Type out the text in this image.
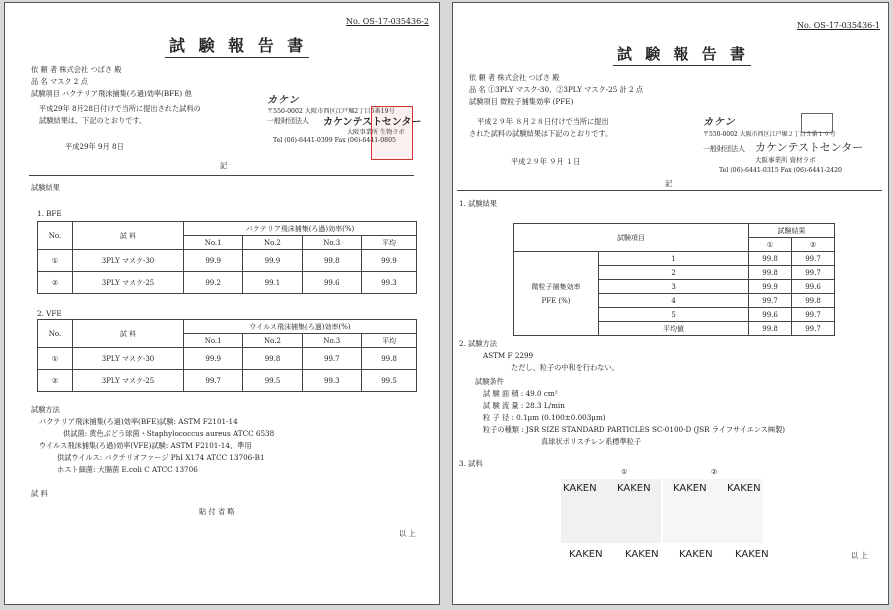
No. OS-17-035436-2
試 験 報 告 書
依 頼 者 株式会社 つばさ 殿
品 名 マスク 2 点
試験項目 バクテリア飛沫捕集(ろ過)効率(BFE) 他
平成29年 8月28日付けで当所に提出された試料の
試験結果は、下記のとおりです。
平成29年 9月 8日
カケン
〒550-0002 大阪市西区江戸堀2丁目5番19号
一般財団法人 カケンテストセンター
大阪事業所 生物ラボ
Tel (06)-6441-0399 Fax (06)-6441-0805
記
試験結果
1. BFE
No.	試 料	バクテリア飛沫捕集(ろ過)効率(%)			
		No.1	No.2	No.3	平均
①	3PLY マスク-30	99.9	99.9	99.8	99.9
②	3PLY マスク-25	99.2	99.1	99.6	99.3
2. VFE
No.	試 料	ウイルス飛沫捕集(ろ過)効率(%)			
		No.1	No.2	No.3	平均
①	3PLY マスク-30	99.9	99.8	99.7	99.8
②	3PLY マスク-25	99.7	99.5	99.3	99.5
試験方法
バクテリア飛沫捕集(ろ過)効率(BFE)試験: ASTM F2101-14
供試菌: 黄色ぶどう球菌・Staphylococcus aureus ATCC 6538
ウイルス飛沫捕集(ろ過)効率(VFE)試験: ASTM F2101-14、準用
供試ウイルス: バクテリオファージ PhI X174 ATCC 13706-B1
ホスト細菌: 大腸菌 E.coli C ATCC 13706
試 料
貼 付 省 略
以 上
No. OS-17-035436-1
試 験 報 告 書
依 頼 者 株式会社 つばさ 殿
品 名 ①3PLY マスク-30、②3PLY マスク-25 計 2 点
試験項目 微粒子捕集効率 (PFE)
平成２９年 ８月２８日付けで当所に提出
された試料の試験結果は下記のとおりです。
平成２９年 ９月 １日
カケン
〒550-0002 大阪市西区江戸堀２丁目５番１９号
一般財団法人 カケンテストセンター
大阪事業所 資材ラボ
Tel (06)-6441-0315 Fax (06)-6441-2420
記
1. 試験結果
試験項目		試験結果	
		①	②
微粒子捕集効率
PFE (%)	1	99.8	99.7
	2	99.8	99.7
	3	99.9	99.6
	4	99.7	99.8
	5	99.6	99.7
	平均値	99.8	99.7
2. 試験方法
ASTM F 2299
ただし、粒子の中和を行わない。
試験条件
試 験 面 積 : 49.0 cm²
試 験 流 量 : 28.3 L/min
粒 子 径 : 0.1μm (0.100±0.003μm)
粒子の種類 : JSR SIZE STANDARD PARTICLES SC-0100-D (JSR ライフサイエンス㈱製)
真球状ポリスチレン系標準粒子
3. 試料
①	②
KAKEN KAKEN KAKEN KAKEN
KAKEN KAKEN KAKEN KAKEN	以 上
